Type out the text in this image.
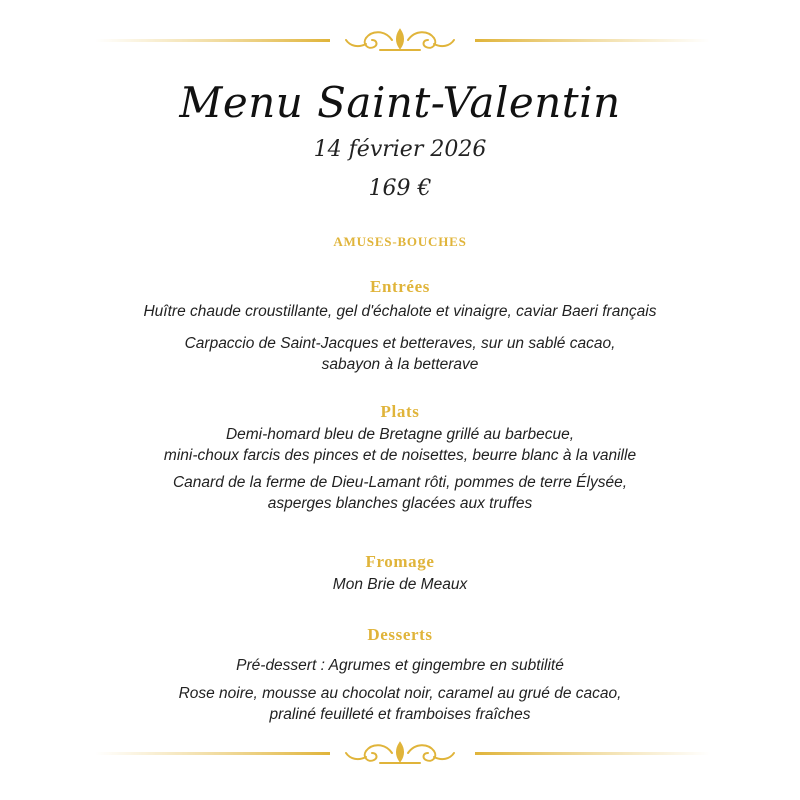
Menu Saint-Valentin
14 février 2026
169 €
AMUSES-BOUCHES
Entrées
Huître chaude croustillante, gel d'échalote et vinaigre, caviar Baeri français
Carpaccio de Saint-Jacques et betteraves, sur un sablé cacao,
sabayon à la betterave
Plats
Demi-homard bleu de Bretagne grillé au barbecue,
mini-choux farcis des pinces et de noisettes, beurre blanc à la vanille
Canard de la ferme de Dieu-Lamant rôti, pommes de terre Élysée,
asperges blanches glacées aux truffes
Fromage
Mon Brie de Meaux
Desserts
Pré-dessert : Agrumes et gingembre en subtilité
Rose noire, mousse au chocolat noir, caramel au grué de cacao,
praliné feuilleté et framboises fraîches
